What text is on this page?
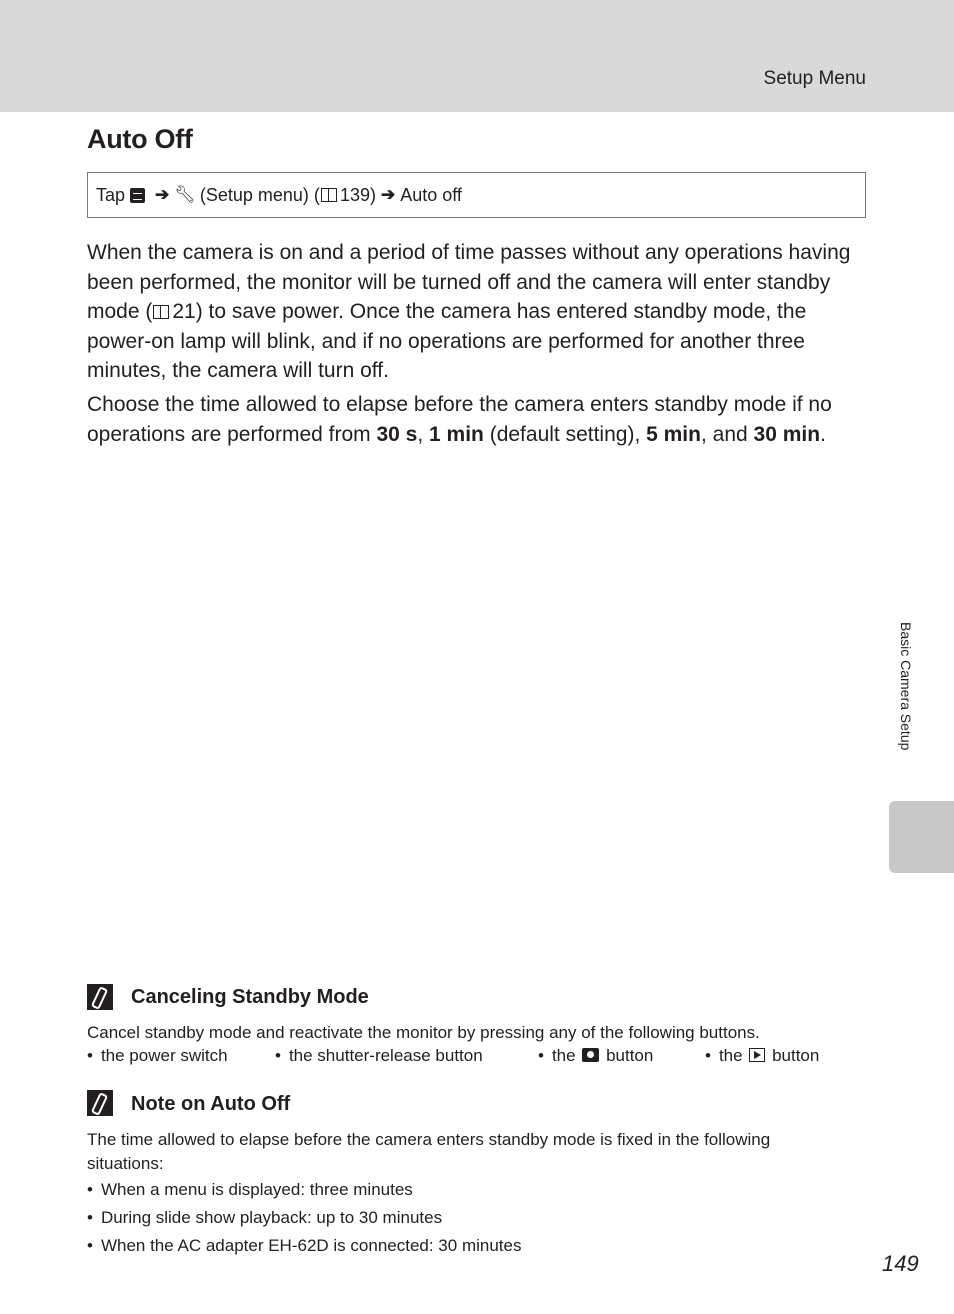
Setup Menu
Auto Off
Tap ➔ 🔧︎ (Setup menu) ( 139) ➔ Auto off

When the camera is on and a period of time passes without any operations having been performed, the monitor will be turned off and the camera will enter standby mode ( 21) to save power. Once the camera has entered standby mode, the power-on lamp will blink, and if no operations are performed for another three minutes, the camera will turn off.

Choose the time allowed to elapse before the camera enters standby mode if no operations are performed from 30 s, 1 min (default setting), 5 min, and 30 min.

Basic Camera Setup
Canceling Standby Mode

Cancel standby mode and reactivate the monitor by pressing any of the following buttons.

• the power switch	• the shutter-release button	• the button	• the button
Note on Auto Off

The time allowed to elapse before the camera enters standby mode is fixed in the following situations:

• When a menu is displayed: three minutes
• During slide show playback: up to 30 minutes
• When the AC adapter EH-62D is connected: 30 minutes
149
